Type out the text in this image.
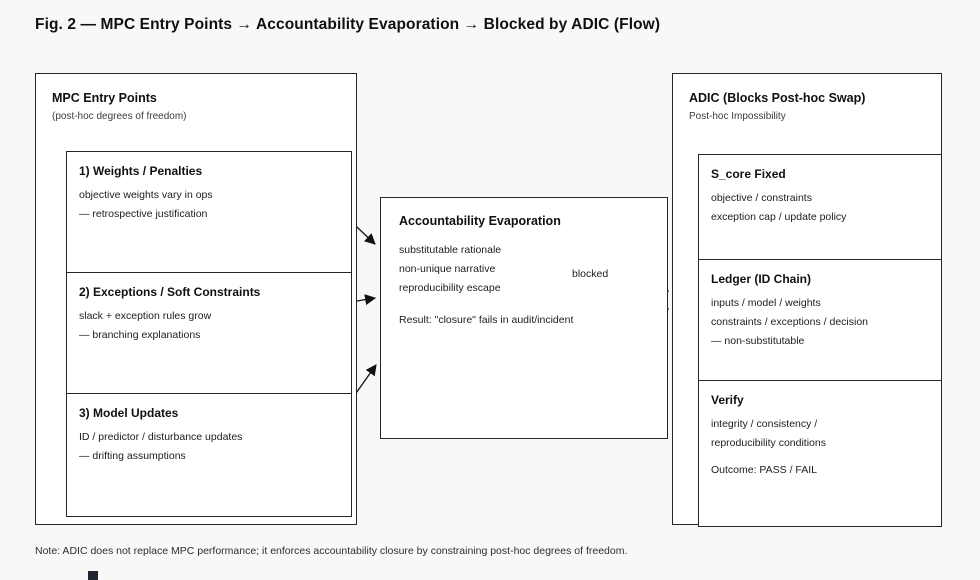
Fig. 2 — MPC Entry Points → Accountability Evaporation → Blocked by ADIC (Flow)
MPC Entry Points
(post-hoc degrees of freedom)
1) Weights / Penalties
objective weights vary in ops
— retrospective justification
2) Exceptions / Soft Constraints
slack + exception rules grow
— branching explanations
3) Model Updates
ID / predictor / disturbance updates
— drifting assumptions
Accountability Evaporation
substitutable rationale
non-unique narrative
reproducibility escape
Result: "closure" fails in audit/incident
blocked
ADIC (Blocks Post-hoc Swap)
Post-hoc Impossibility
S_core Fixed
objective / constraints
exception cap / update policy
Ledger (ID Chain)
inputs / model / weights
constraints / exceptions / decision
— non-substitutable
Verify
integrity / consistency /
reproducibility conditions
Outcome: PASS / FAIL
Note: ADIC does not replace MPC performance; it enforces accountability closure by constraining post-hoc degrees of freedom.
